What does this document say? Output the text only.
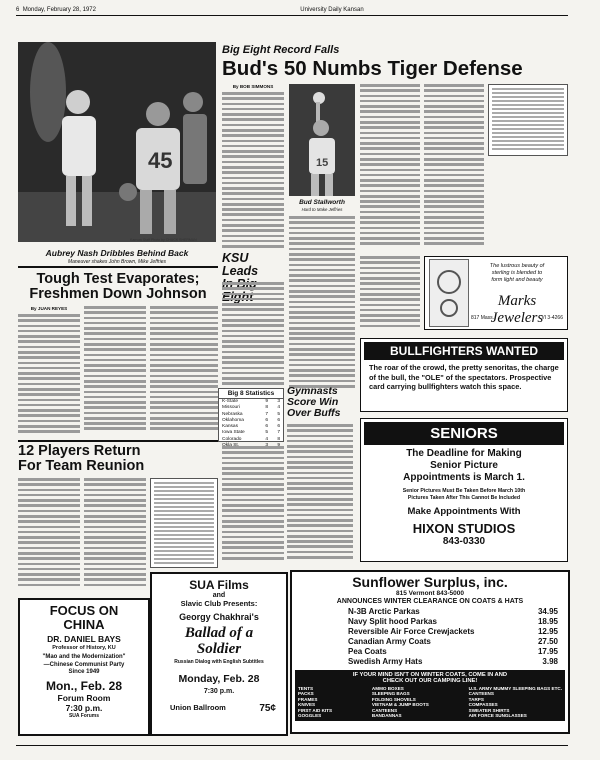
6 Monday, February 28, 1972	University Daily Kansan
45
Kansan Staff Photo by CHUCK SHERMAN
Aubrey Nash Dribbles Behind Back
Maneuver shakes John Brown, Mike Jeffries
Big Eight Record Falls
Bud's 50 Numbs Tiger Defense
By BOB SIMMONS
15
Bud Stallworth
Hard to Make Jeffries
Tough Test Evaporates;
Freshmen Down Johnson
By JUAN REYES
KSU Leads
Big 8 Statistics
K-State	9	3
Missouri	8	4
Nebraska	7	5
Oklahoma	6	6
Kansas	6	6
Iowa State	5	7
Colorado	4	8
Gymnasts
Score Win
Over Buffs
The lustrous beauty of
sterling is blended to
form light and beauty
Marks Jewelers
817 Mass.	VI 3-4266
BULLFIGHTERS WANTED
The roar of the crowd, the pretty senoritas, the charge of the bull, the "OLE" of the spectators. Prospective card carrying bullfighters watch this space.
SENIORS
The Deadline for Making
Senior Picture
Appointments is March 1.
Senior Pictures Must Be Taken Before March 10th
Pictures Taken After This Cannot Be Included
Make Appointments With
HIXON STUDIOS
843-0330
12 Players Return
For Team Reunion
FOCUS ON
CHINA
DR. DANIEL BAYS
Professor of History, KU
"Mao and the Modernization"
—Chinese Communist Party
Since 1949
Mon., Feb. 28
Forum Room
7:30 p.m.
SUA Forums
SUA Films
and
Slavic Club Presents:
Georgy Chakhrai's
Ballad of a
Soldier
Russian Dialog with English Subtitles
Monday, Feb. 28
7:30 p.m.
Union Ballroom	75¢
Sunflower Surplus, inc.
815 Vermont 843-5000
ANNOUNCES WINTER CLEARANCE ON COATS & HATS
N-3B Arctic Parkas	34.95
Navy Split hood Parkas	18.95
Reversible Air Force Crewjackets	12.95
Canadian Army Coats	27.50
Pea Coats	17.95
Swedish Army Hats	3.98
IF YOUR MIND ISN'T ON WINTER COATS, COME IN AND
CHECK OUT OUR CAMPING LINE!
TENTS
PACKS
FRAMES
KNIVES
FIRST AID KITS
GOGGLES
AMMO BOXES
SLEEPING BAGS
FOLDING SHOVELS
VIETNAM & JUMP BOOTS
CANTEENS
BANDANNAS
U.S. ARMY MUMMY SLEEPING BAGS ETC.
CANTEENS
TARPS
COMPASSES
SWEATER SHIRTS
AIR FORCE SUNGLASSES
